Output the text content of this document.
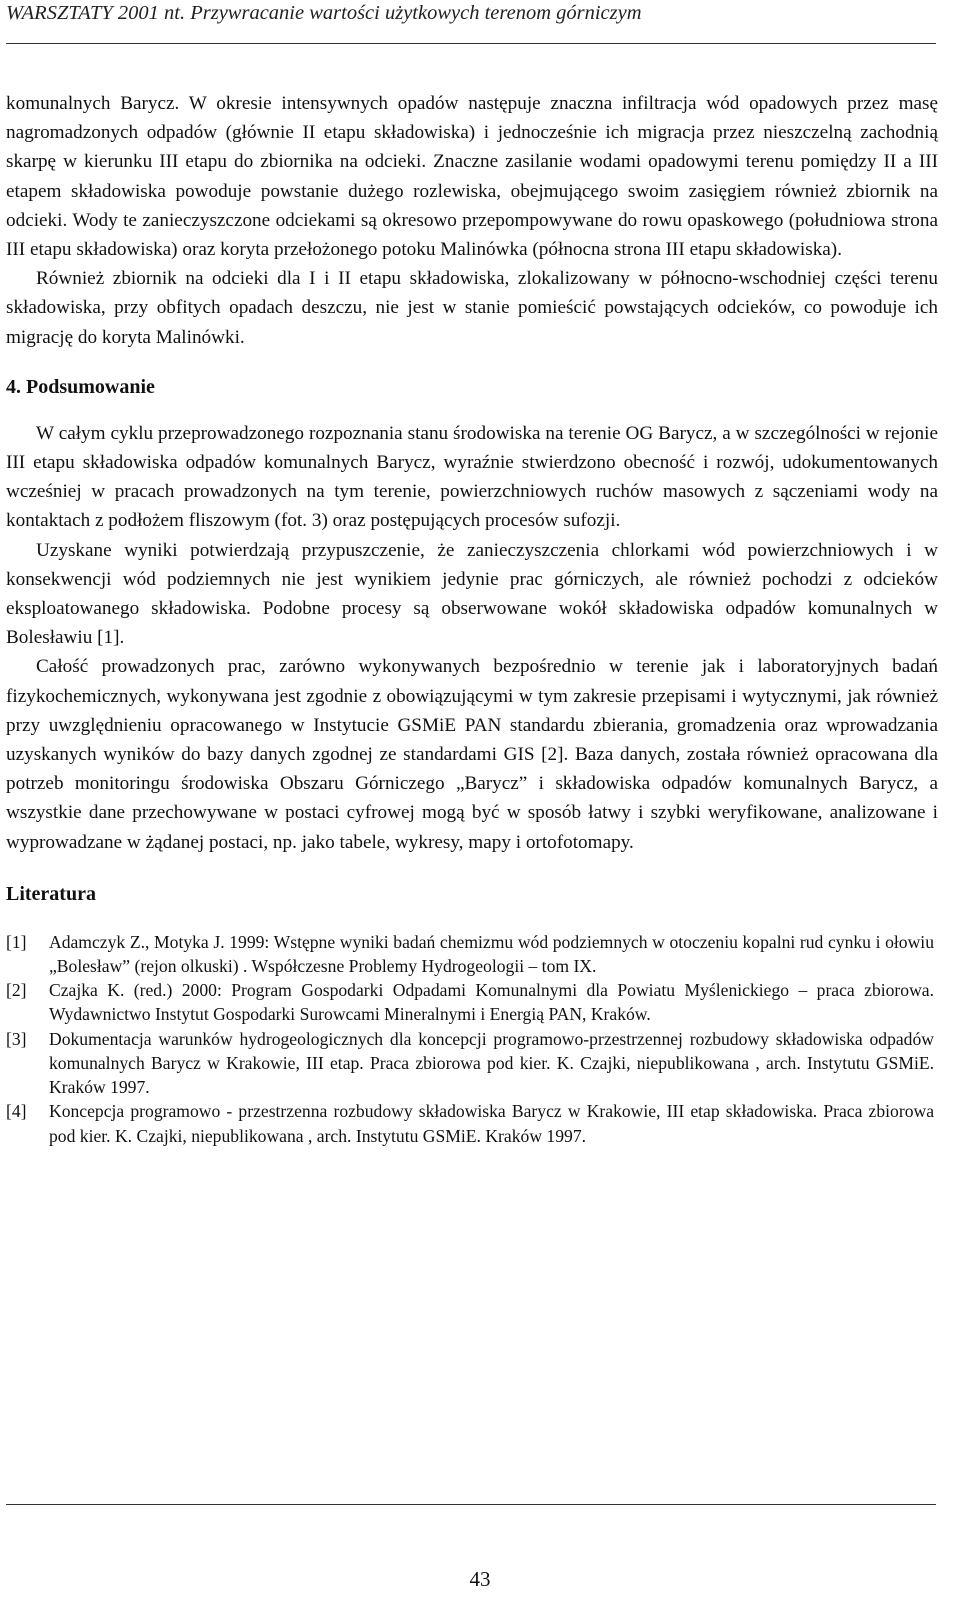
WARSZTATY 2001 nt. Przywracanie wartości użytkowych terenom górniczym

komunalnych Barycz. W okresie intensywnych opadów następuje znaczna infiltracja wód opadowych przez masę nagromadzonych odpadów (głównie II etapu składowiska) i jednocześnie ich migracja przez nieszczelną zachodnią skarpę w kierunku III etapu do zbiornika na odcieki. Znaczne zasilanie wodami opadowymi terenu pomiędzy II a III etapem składowiska powoduje powstanie dużego rozlewiska, obejmującego swoim zasięgiem również zbiornik na odcieki. Wody te zanieczyszczone odciekami są okresowo przepompowywane do rowu opaskowego (południowa strona III etapu składowiska) oraz koryta przełożonego potoku Malinówka (północna strona III etapu składowiska).

Również zbiornik na odcieki dla I i II etapu składowiska, zlokalizowany w północno-wschodniej części terenu składowiska, przy obfitych opadach deszczu, nie jest w stanie pomieścić powstających odcieków, co powoduje ich migrację do koryta Malinówki.

4. Podsumowanie

W całym cyklu przeprowadzonego rozpoznania stanu środowiska na terenie OG Barycz, a w szczególności w rejonie III etapu składowiska odpadów komunalnych Barycz, wyraźnie stwierdzono obecność i rozwój, udokumentowanych wcześniej w pracach prowadzonych na tym terenie, powierzchniowych ruchów masowych z sączeniami wody na kontaktach z podłożem fliszowym (fot. 3) oraz postępujących procesów sufozji.

Uzyskane wyniki potwierdzają przypuszczenie, że zanieczyszczenia chlorkami wód powierzchniowych i w konsekwencji wód podziemnych nie jest wynikiem jedynie prac górniczych, ale również pochodzi z odcieków eksploatowanego składowiska. Podobne procesy są obserwowane wokół składowiska odpadów komunalnych w Bolesławiu [1].

Całość prowadzonych prac, zarówno wykonywanych bezpośrednio w terenie jak i laboratoryjnych badań fizykochemicznych, wykonywana jest zgodnie z obowiązującymi w tym zakresie przepisami i wytycznymi, jak również przy uwzględnieniu opracowanego w Instytucie GSMiE PAN standardu zbierania, gromadzenia oraz wprowadzania uzyskanych wyników do bazy danych zgodnej ze standardami GIS [2]. Baza danych, została również opracowana dla potrzeb monitoringu środowiska Obszaru Górniczego „Barycz” i składowiska odpadów komunalnych Barycz, a wszystkie dane przechowywane w postaci cyfrowej mogą być w sposób łatwy i szybki weryfikowane, analizowane i wyprowadzane w żądanej postaci, np. jako tabele, wykresy, mapy i ortofotomapy.

Literatura
[1]	Adamczyk Z., Motyka J. 1999: Wstępne wyniki badań chemizmu wód podziemnych w otoczeniu kopalni rud cynku i ołowiu „Bolesław” (rejon olkuski) . Współczesne Problemy Hydrogeologii – tom IX.
[2]	Czajka K. (red.) 2000: Program Gospodarki Odpadami Komunalnymi dla Powiatu Myślenickiego – praca zbiorowa. Wydawnictwo Instytut Gospodarki Surowcami Mineralnymi i Energią PAN, Kraków.
[3]	Dokumentacja warunków hydrogeologicznych dla koncepcji programowo-przestrzennej rozbudowy składowiska odpadów komunalnych Barycz w Krakowie, III etap. Praca zbiorowa pod kier. K. Czajki, niepublikowana , arch. Instytutu GSMiE. Kraków 1997.
[4]	Koncepcja programowo - przestrzenna rozbudowy składowiska Barycz w Krakowie, III etap składowiska. Praca zbiorowa pod kier. K. Czajki, niepublikowana , arch. Instytutu GSMiE. Kraków 1997.
43
